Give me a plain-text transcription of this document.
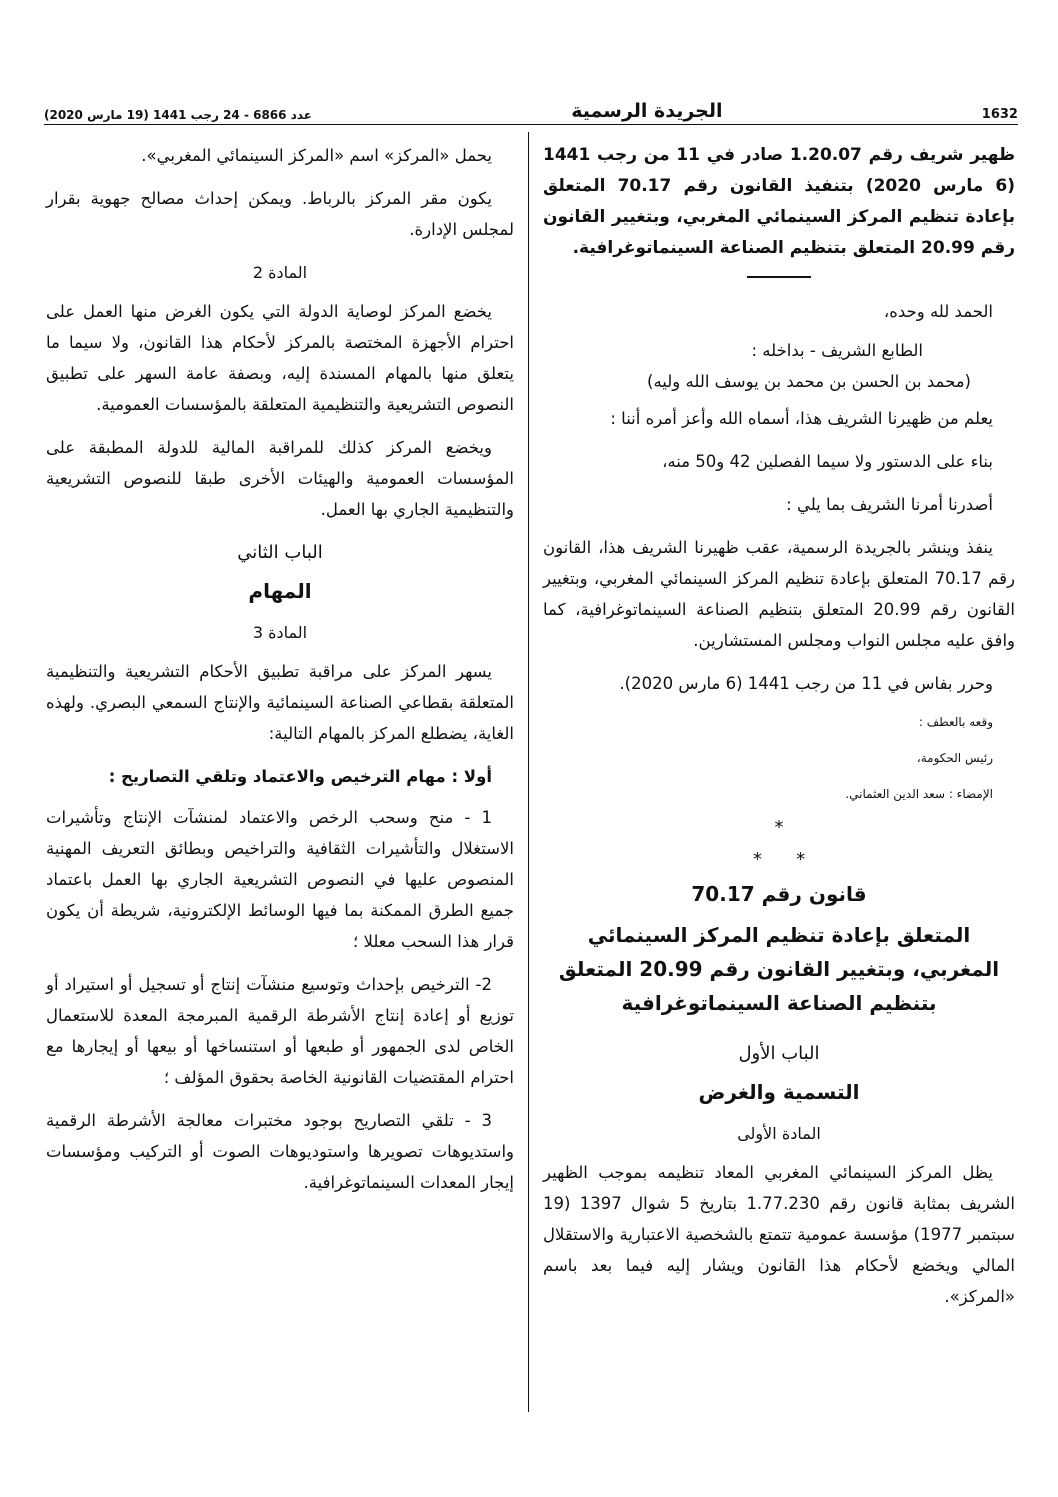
عدد 6866 - 24 رجب 1441 (19 مارس 2020)	الجريدة الرسمية	1632

ظهير شريف رقم 1.20.07 صادر في 11 من رجب 1441 (6 مارس 2020) بتنفيذ القانون رقم 70.17 المتعلق بإعادة تنظيم المركز السينمائي المغربي، وبتغيير القانون رقم 20.99 المتعلق بتنظيم الصناعة السينماتوغرافية.

الحمد لله وحده،

الطابع الشريف - بداخله :

(محمد بن الحسن بن محمد بن يوسف الله وليه)

يعلم من ظهيرنا الشريف هذا، أسماه الله وأعز أمره أننا :

بناء على الدستور ولا سيما الفصلين 42 و50 منه،

أصدرنا أمرنا الشريف بما يلي :

ينفذ وينشر بالجريدة الرسمية، عقب ظهيرنا الشريف هذا، القانون رقم 70.17 المتعلق بإعادة تنظيم المركز السينمائي المغربي، وبتغيير القانون رقم 20.99 المتعلق بتنظيم الصناعة السينماتوغرافية، كما وافق عليه مجلس النواب ومجلس المستشارين.

وحرر بفاس في 11 من رجب 1441 (6 مارس 2020).

وقعه بالعطف :

رئيس الحكومة،

الإمضاء : سعد الدين العثماني.

*
*      *
قانون رقم 70.17
المتعلق بإعادة تنظيم المركز السينمائي المغربي، وبتغيير القانون رقم 20.99 المتعلق بتنظيم الصناعة السينماتوغرافية
الباب الأول
التسمية والغرض
المادة الأولى

يظل المركز السينمائي المغربي المعاد تنظيمه بموجب الظهير الشريف بمثابة قانون رقم 1.77.230 بتاريخ 5 شوال 1397 (19 سبتمبر 1977) مؤسسة عمومية تتمتع بالشخصية الاعتبارية والاستقلال المالي ويخضع لأحكام هذا القانون ويشار إليه فيما بعد باسم «المركز».

يحمل «المركز» اسم «المركز السينمائي المغربي».

يكون مقر المركز بالرباط. ويمكن إحداث مصالح جهوية بقرار لمجلس الإدارة.

المادة 2

يخضع المركز لوصاية الدولة التي يكون الغرض منها العمل على احترام الأجهزة المختصة بالمركز لأحكام هذا القانون، ولا سيما ما يتعلق منها بالمهام المسندة إليه، وبصفة عامة السهر على تطبيق النصوص التشريعية والتنظيمية المتعلقة بالمؤسسات العمومية.

ويخضع المركز كذلك للمراقبة المالية للدولة المطبقة على المؤسسات العمومية والهيئات الأخرى طبقا للنصوص التشريعية والتنظيمية الجاري بها العمل.

الباب الثاني
المهام
المادة 3

يسهر المركز على مراقبة تطبيق الأحكام التشريعية والتنظيمية المتعلقة بقطاعي الصناعة السينمائية والإنتاج السمعي البصري. ولهذه الغاية، يضطلع المركز بالمهام التالية:

أولا : مهام الترخيص والاعتماد وتلقي التصاريح :

1 - منح وسحب الرخص والاعتماد لمنشآت الإنتاج وتأشيرات الاستغلال والتأشيرات الثقافية والتراخيص وبطائق التعريف المهنية المنصوص عليها في النصوص التشريعية الجاري بها العمل باعتماد جميع الطرق الممكنة بما فيها الوسائط الإلكترونية، شريطة أن يكون قرار هذا السحب معللا ؛

2- الترخيص بإحداث وتوسيع منشآت إنتاج أو تسجيل أو استيراد أو توزيع أو إعادة إنتاج الأشرطة الرقمية المبرمجة المعدة للاستعمال الخاص لدى الجمهور أو طبعها أو استنساخها أو بيعها أو إيجارها مع احترام المقتضيات القانونية الخاصة بحقوق المؤلف ؛

3 - تلقي التصاريح بوجود مختبرات معالجة الأشرطة الرقمية واستديوهات تصويرها واستوديوهات الصوت أو التركيب ومؤسسات إيجار المعدات السينماتوغرافية.
